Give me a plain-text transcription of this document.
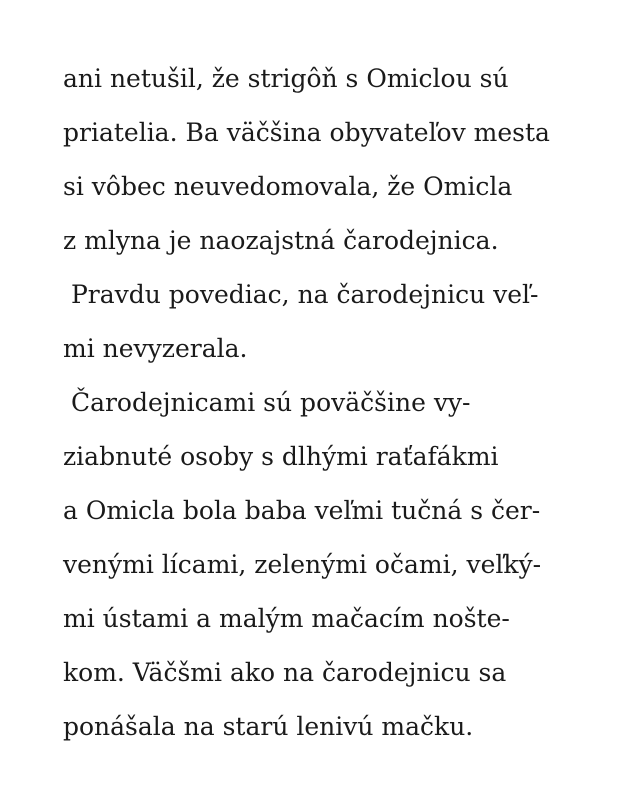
ani netušil, že strigôň s Omiclou sú
priatelia. Ba väčšina obyvateľov mesta
si vôbec neuvedomovala, že Omicla
z mlyna je naozajstná čarodejnica.
Pravdu povediac, na čarodejnicu veľ-
mi nevyzerala.
Čarodejnicami sú poväčšine vy-
ziabnuté osoby s dlhými raťafákmi
a Omicla bola baba veľmi tučná s čer-
venými lícami, zelenými očami, veľký-
mi ústami a malým mačacím nošte-
kom. Väčšmi ako na čarodejnicu sa
ponášala na starú lenivú mačku.
